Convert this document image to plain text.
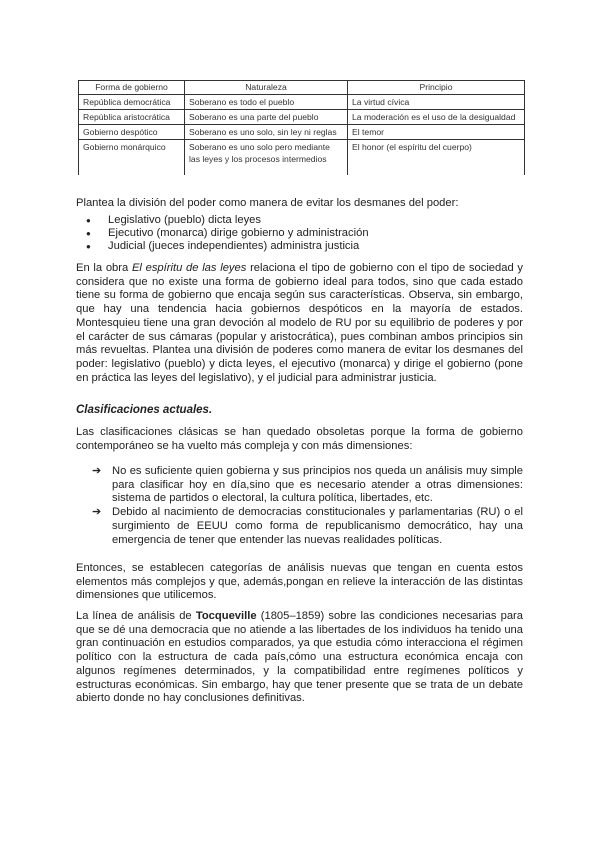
Forma de gobierno	Naturaleza	Principio
República democrática	Soberano es todo el pueblo	La virtud cívica
República aristocrática	Soberano es una parte del pueblo	La moderación es el uso de la desigualdad
Gobierno despótico	Soberano es uno solo, sin ley ni reglas	El temor
Gobierno monárquico	Soberano es uno solo pero mediante las leyes y los procesos intermedios	El honor (el espíritu del cuerpo)

Plantea la división del poder como manera de evitar los desmanes del poder:

● Legislativo (pueblo) dicta leyes
● Ejecutivo (monarca) dirige gobierno y administración
● Judicial (jueces independientes) administra justicia

En la obra El espíritu de las leyes relaciona el tipo de gobierno con el tipo de sociedad y considera que no existe una forma de gobierno ideal para todos, sino que cada estado tiene su forma de gobierno que encaja según sus características. Observa, sin embargo, que hay una tendencia hacia gobiernos despóticos en la mayoría de estados. Montesquieu tiene una gran devoción al modelo de RU por su equilibrio de poderes y por el carácter de sus cámaras (popular y aristocrática), pues combinan ambos principios sin más revueltas. Plantea una división de poderes como manera de evitar los desmanes del poder: legislativo (pueblo) y dicta leyes, el ejecutivo (monarca) y dirige el gobierno (pone en práctica las leyes del legislativo), y el judicial para administrar justicia.

Clasificaciones actuales.

Las clasificaciones clásicas se han quedado obsoletas porque la forma de gobierno contemporáneo se ha vuelto más compleja y con más dimensiones:

➔ No es suficiente quien gobierna y sus principios nos queda un análisis muy simple para clasificar hoy en día,sino que es necesario atender a otras dimensiones: sistema de partidos o electoral, la cultura política, libertades, etc.
➔ Debido al nacimiento de democracias constitucionales y parlamentarias (RU) o el surgimiento de EEUU como forma de republicanismo democrático, hay una emergencia de tener que entender las nuevas realidades políticas.

Entonces, se establecen categorías de análisis nuevas que tengan en cuenta estos elementos más complejos y que, además,pongan en relieve la interacción de las distintas dimensiones que utilicemos.

La línea de análisis de Tocqueville (1805–1859) sobre las condiciones necesarias para que se dé una democracia que no atiende a las libertades de los individuos ha tenido una gran continuación en estudios comparados, ya que estudia cómo interacciona el régimen político con la estructura de cada país,cómo una estructura económica encaja con algunos regímenes determinados, y la compatibilidad entre regímenes políticos y estructuras económicas. Sin embargo, hay que tener presente que se trata de un debate abierto donde no hay conclusiones definitivas.
